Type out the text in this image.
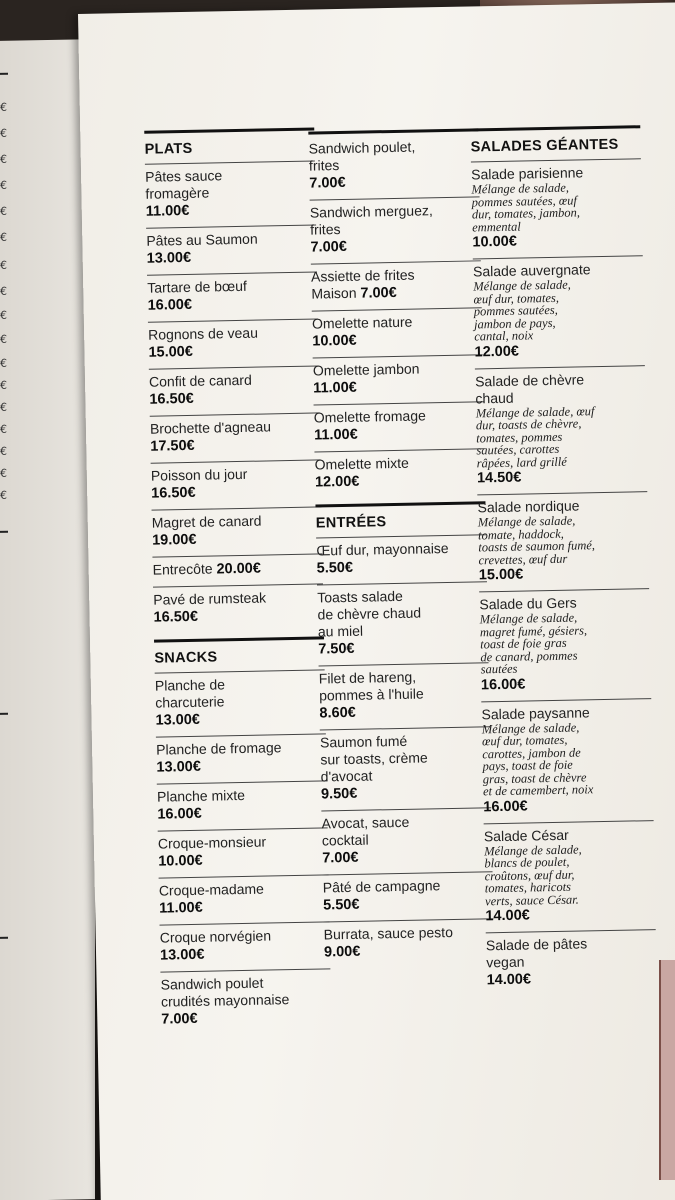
€
€
€
€
€
€
€
€
€
€
€
€
€
€
€
€
€
PLATS
Pâtes sauce
fromagère
11.00€
Pâtes au Saumon
13.00€
Tartare de bœuf
16.00€
Rognons de veau
15.00€
Confit de canard
16.50€
Brochette d'agneau
17.50€
Poisson du jour
16.50€
Magret de canard
19.00€
Entrecôte 20.00€
Pavé de rumsteak
16.50€
SNACKS
Planche de
charcuterie
13.00€
Planche de fromage
13.00€
Planche mixte
16.00€
Croque-monsieur
10.00€
Croque-madame
11.00€
Croque norvégien
13.00€
Sandwich poulet
crudités mayonnaise
7.00€
Sandwich poulet,
frites
7.00€
Sandwich merguez,
frites
7.00€
Assiette de frites
Maison 7.00€
Omelette nature
10.00€
Omelette jambon
11.00€
Omelette fromage
11.00€
Omelette mixte
12.00€
ENTRÉES
Œuf dur, mayonnaise
5.50€
Toasts salade
de chèvre chaud
au miel
7.50€
Filet de hareng,
pommes à l'huile
8.60€
Saumon fumé
sur toasts, crème
d'avocat
9.50€
Avocat, sauce
cocktail
7.00€
Pâté de campagne
5.50€
Burrata, sauce pesto
9.00€
SALADES GÉANTES
Salade parisienne
Mélange de salade,
pommes sautées, œuf
dur, tomates, jambon,
emmental
10.00€
Salade auvergnate
Mélange de salade,
œuf dur, tomates,
pommes sautées,
jambon de pays,
cantal, noix
12.00€
Salade de chèvre
chaud
Mélange de salade, œuf
dur, toasts de chèvre,
tomates, pommes
sautées, carottes
râpées, lard grillé
14.50€
Salade nordique
Mélange de salade,
tomate, haddock,
toasts de saumon fumé,
crevettes, œuf dur
15.00€
Salade du Gers
Mélange de salade,
magret fumé, gésiers,
toast de foie gras
de canard, pommes
sautées
16.00€
Salade paysanne
Mélange de salade,
œuf dur, tomates,
carottes, jambon de
pays, toast de foie
gras, toast de chèvre
et de camembert, noix
16.00€
Salade César
Mélange de salade,
blancs de poulet,
croûtons, œuf dur,
tomates, haricots
verts, sauce César.
14.00€
Salade de pâtes
vegan
14.00€
